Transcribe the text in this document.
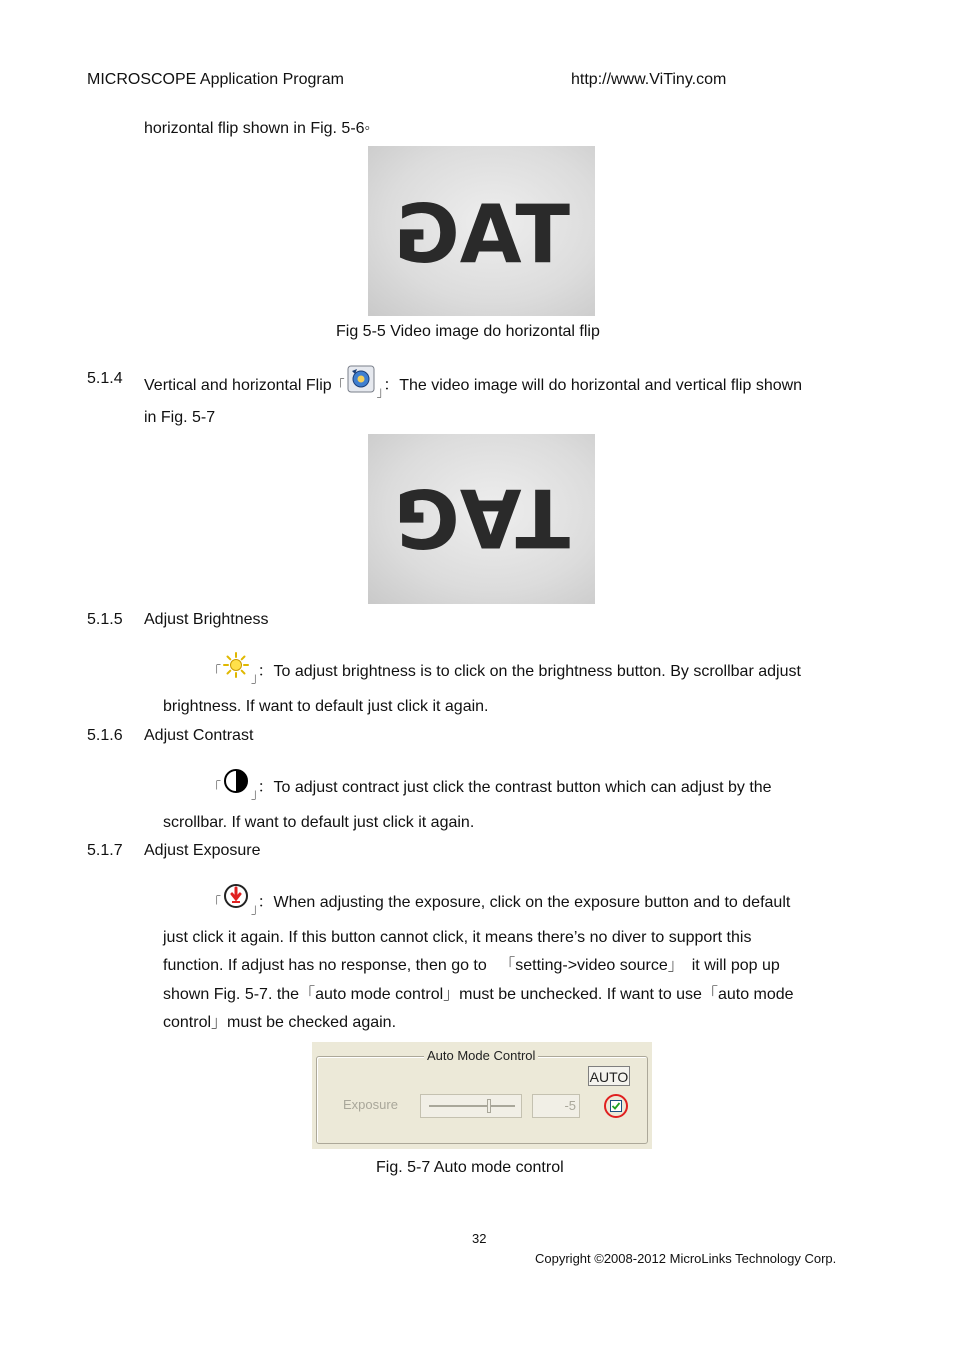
MICROSCOPE Application Program	http://www.ViTiny.com
horizontal flip shown in Fig. 5-6◦
TAG
Fig 5-5 Video image do horizontal flip
5.1.4 Vertical and horizontal Flip「 $_」$：The video image will do horizontal and vertical flip shown
in Fig. 5-7
TAG
5.1.5 Adjust Brightness
「 $_」$：To adjust brightness is to click on the brightness button. By scrollbar adjust
brightness. If want to default just click it again.
5.1.6 Adjust Contrast
「 $_」$：To adjust contract just click the contrast button which can adjust by the
scrollbar. If want to default just click it again.
5.1.7 Adjust Exposure
「 $_」$：When adjusting the exposure, click on the exposure button and to default
just click it again. If this button cannot click, it means there’s no diver to support this
function. If adjust has no response, then go to 　「setting->video source」　it will pop up
shown Fig. 5-7. the「auto mode control」must be unchecked. If want to use「auto mode
control」must be checked again.
Auto Mode Control
AUTO
Exposure	-5
Fig. 5-7 Auto mode control
32
Copyright ©2008-2012 MicroLinks Technology Corp.
